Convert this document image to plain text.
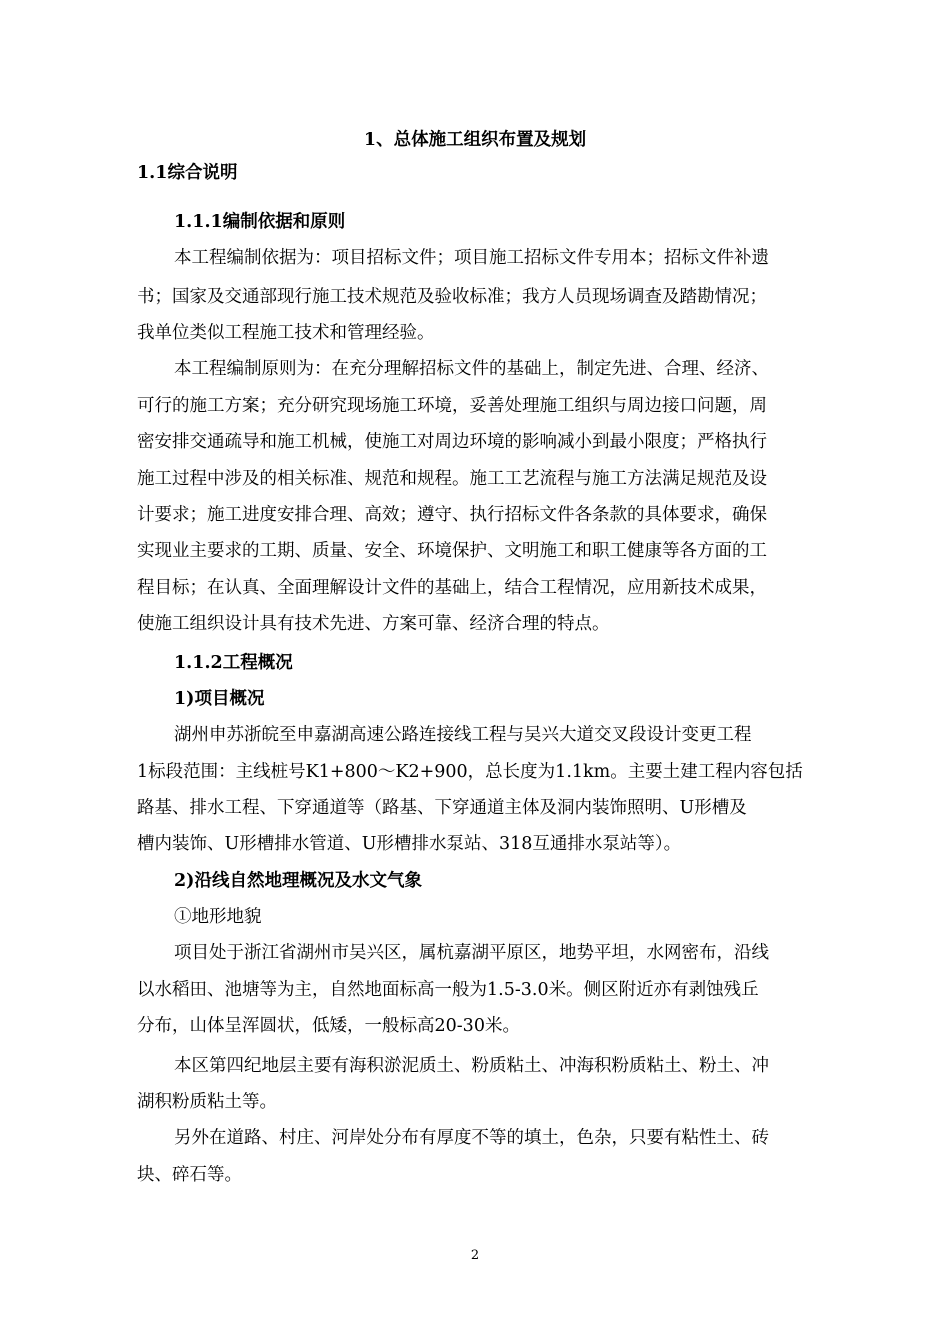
1、总体施工组织布置及规划
1.1综合说明
1.1.1编制依据和原则
本工程编制依据为：项目招标文件；项目施工招标文件专用本；招标文件补遗
书；国家及交通部现行施工技术规范及验收标准；我方人员现场调查及踏勘情况；
我单位类似工程施工技术和管理经验。
本工程编制原则为：在充分理解招标文件的基础上，制定先进、合理、经济、
可行的施工方案；充分研究现场施工环境，妥善处理施工组织与周边接口问题，周
密安排交通疏导和施工机械，使施工对周边环境的影响减小到最小限度；严格执行
施工过程中涉及的相关标准、规范和规程。施工工艺流程与施工方法满足规范及设
计要求；施工进度安排合理、高效；遵守、执行招标文件各条款的具体要求，确保
实现业主要求的工期、质量、安全、环境保护、文明施工和职工健康等各方面的工
程目标；在认真、全面理解设计文件的基础上，结合工程情况，应用新技术成果，
使施工组织设计具有技术先进、方案可靠、经济合理的特点。
1.1.2工程概况
1)项目概况
湖州申苏浙皖至申嘉湖高速公路连接线工程与吴兴大道交叉段设计变更工程
1标段范围：主线桩号K1+800～K2+900，总长度为1.1km。主要土建工程内容包括
路基、排水工程、下穿通道等（路基、下穿通道主体及洞内装饰照明、U形槽及
槽内装饰、U形槽排水管道、U形槽排水泵站、318互通排水泵站等）。
2)沿线自然地理概况及水文气象
①地形地貌
项目处于浙江省湖州市吴兴区，属杭嘉湖平原区，地势平坦，水网密布，沿线
以水稻田、池塘等为主，自然地面标高一般为1.5-3.0米。侧区附近亦有剥蚀残丘
分布，山体呈浑圆状，低矮，一般标高20-30米。
本区第四纪地层主要有海积淤泥质土、粉质粘土、冲海积粉质粘土、粉土、冲
湖积粉质粘土等。
另外在道路、村庄、河岸处分布有厚度不等的填土，色杂，只要有粘性土、砖
块、碎石等。
2
